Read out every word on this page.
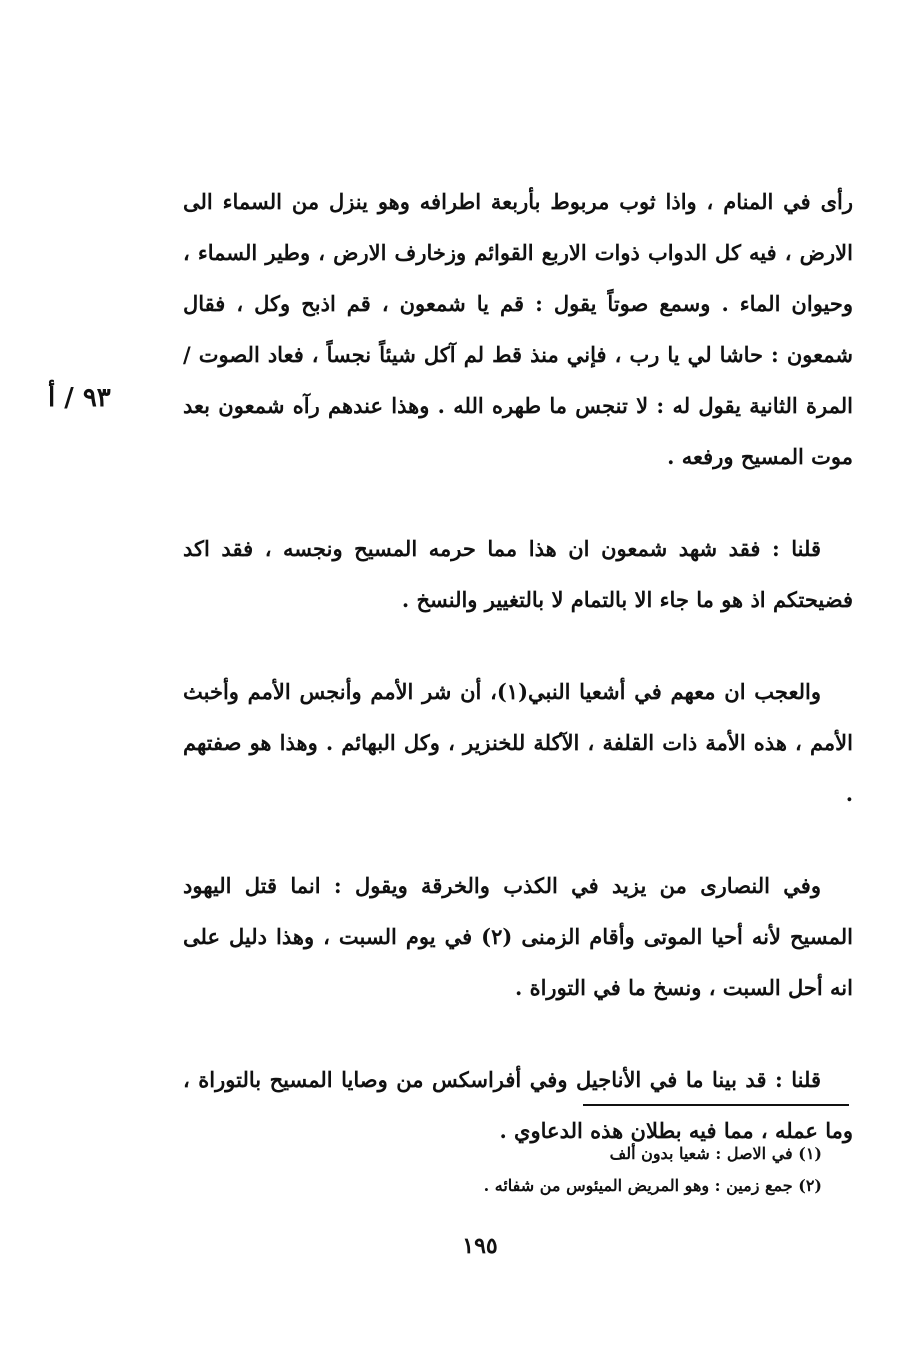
٩٣ / أ

رأى في المنام ، واذا ثوب مربوط بأربعة اطرافه وهو ينزل من السماء الى الارض ، فيه كل الدواب ذوات الاربع القوائم وزخارف الارض ، وطير السماء ، وحيوان الماء . وسمع صوتاً يقول : قم يا شمعون ، قم اذبح وكل ، فقال شمعون : حاشا لي يا رب ، فإني منذ قط لم آكل شيئاً نجساً ، فعاد الصوت / المرة الثانية يقول له : لا تنجس ما طهره الله . وهذا عندهم رآه شمعون بعد موت المسيح ورفعه .

قلنا : فقد شهد شمعون ان هذا مما حرمه المسيح ونجسه ، فقد اكد فضيحتكم اذ هو ما جاء الا بالتمام لا بالتغيير والنسخ .

والعجب ان معهم في أشعيا النبي(١)، أن شر الأمم وأنجس الأمم وأخبث الأمم ، هذه الأمة ذات القلفة ، الآكلة للخنزير ، وكل البهائم . وهذا هو صفتهم .

وفي النصارى من يزيد في الكذب والخرقة ويقول : انما قتل اليهود المسيح لأنه أحيا الموتى وأقام الزمنى (٢) في يوم السبت ، وهذا دليل على انه أحل السبت ، ونسخ ما في التوراة .

قلنا : قد بينا ما في الأناجيل وفي أفراسكس من وصايا المسيح بالتوراة ، وما عمله ، مما فيه بطلان هذه الدعاوي .

(١) في الاصل : شعيا بدون ألف
(٢) جمع زمين : وهو المريض الميئوس من شفائه .
١٩٥
